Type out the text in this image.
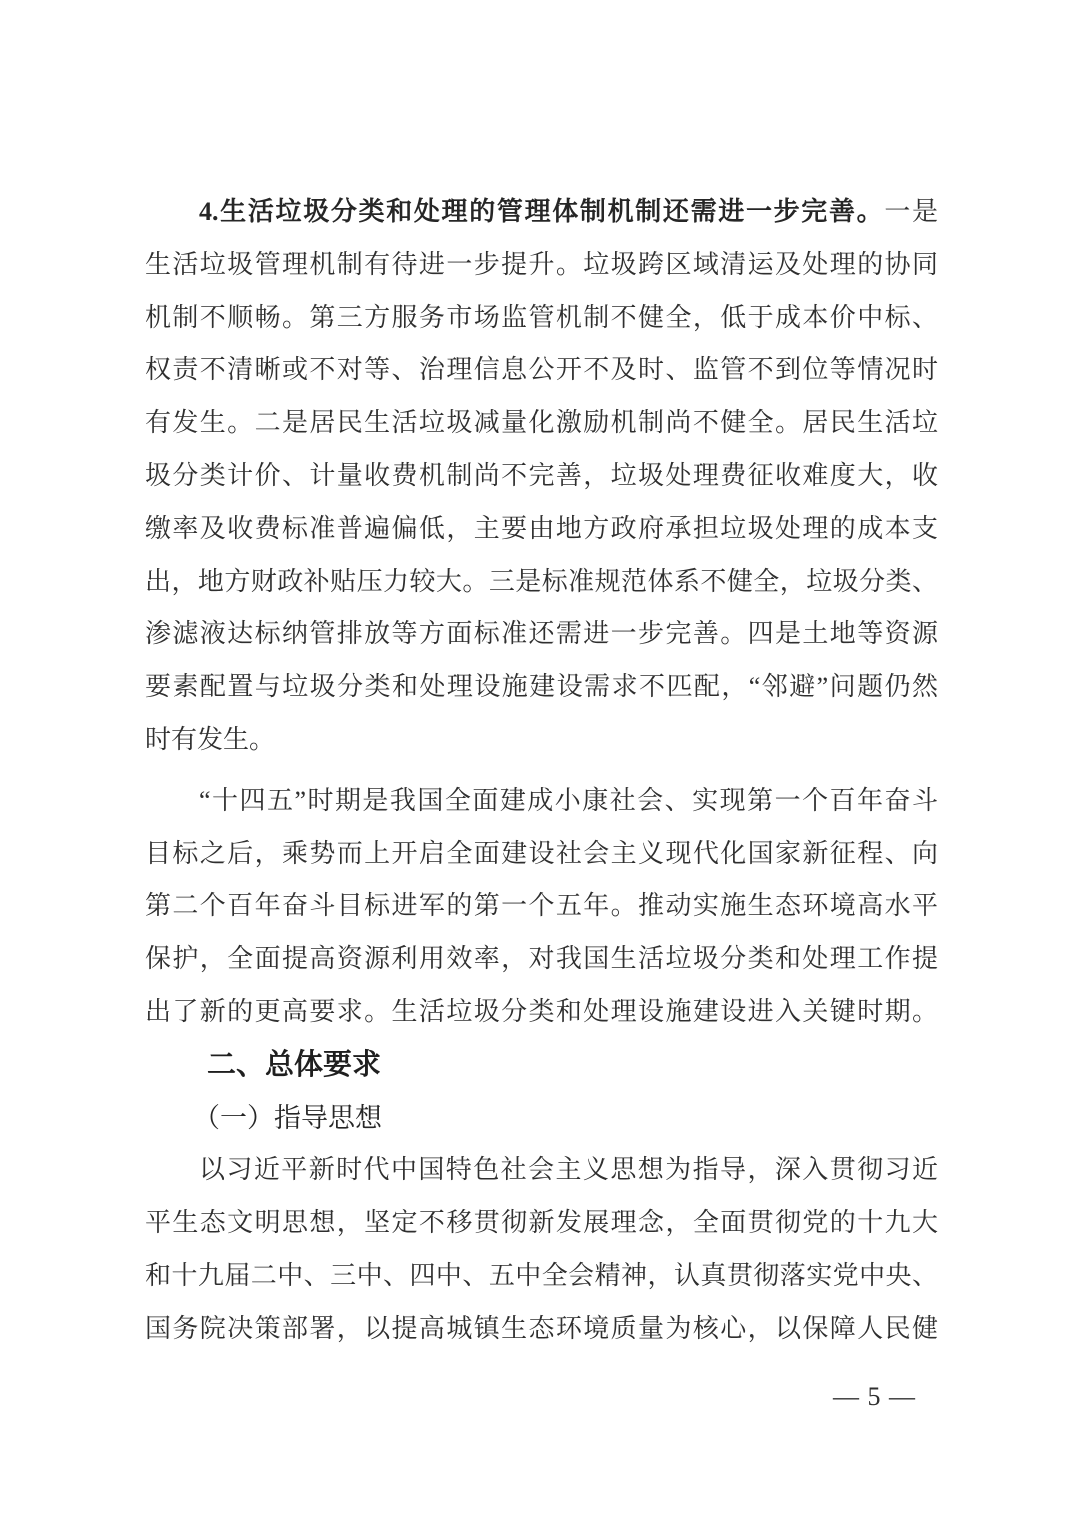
4.生活垃圾分类和处理的管理体制机制还需进一步完善。一是
生活垃圾管理机制有待进一步提升。垃圾跨区域清运及处理的协同
机制不顺畅。第三方服务市场监管机制不健全，低于成本价中标、
权责不清晰或不对等、治理信息公开不及时、监管不到位等情况时
有发生。二是居民生活垃圾减量化激励机制尚不健全。居民生活垃
圾分类计价、计量收费机制尚不完善，垃圾处理费征收难度大，收
缴率及收费标准普遍偏低，主要由地方政府承担垃圾处理的成本支
出，地方财政补贴压力较大。三是标准规范体系不健全，垃圾分类、
渗滤液达标纳管排放等方面标准还需进一步完善。四是土地等资源
要素配置与垃圾分类和处理设施建设需求不匹配，“邻避”问题仍然
时有发生。
“十四五”时期是我国全面建成小康社会、实现第一个百年奋斗
目标之后，乘势而上开启全面建设社会主义现代化国家新征程、向
第二个百年奋斗目标进军的第一个五年。推动实施生态环境高水平
保护，全面提高资源利用效率，对我国生活垃圾分类和处理工作提
出了新的更高要求。生活垃圾分类和处理设施建设进入关键时期。
二、总体要求
（一）指导思想
以习近平新时代中国特色社会主义思想为指导，深入贯彻习近
平生态文明思想，坚定不移贯彻新发展理念，全面贯彻党的十九大
和十九届二中、三中、四中、五中全会精神，认真贯彻落实党中央、
国务院决策部署，以提高城镇生态环境质量为核心，以保障人民健
— 5 —
